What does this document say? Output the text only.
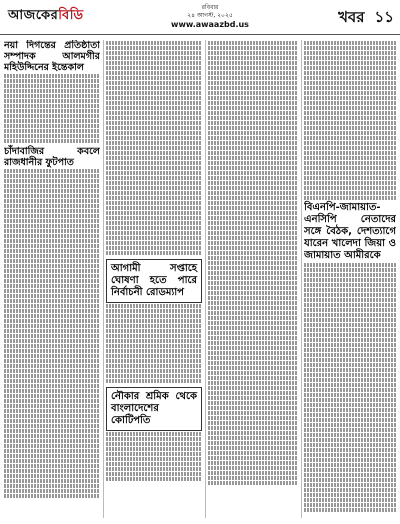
আজকেরবিডি
রবিবার
২৪ আগস্ট, ২০২৫
www.awaazbd.us	খবর ১১
নয়া দিগন্তের প্রতিষ্ঠাতা সম্পাদক আলমগীর মহিউদ্দিনের ইন্তেকাল
চাঁদাবাজির কবলে রাজধানীর ফুটপাত
আগামী সপ্তাহে ঘোষণা হতে পারে নির্বাচনী রোডম্যাপ
নৌকার শ্রমিক থেকে বাংলাদেশের কোটিপতি
বিএনপি-জামায়াত-এনসিপি নেতাদের সঙ্গে বৈঠক, দেশত্যাগে যারেন খালেদা জিয়া ও জামায়াত আমীরকে
